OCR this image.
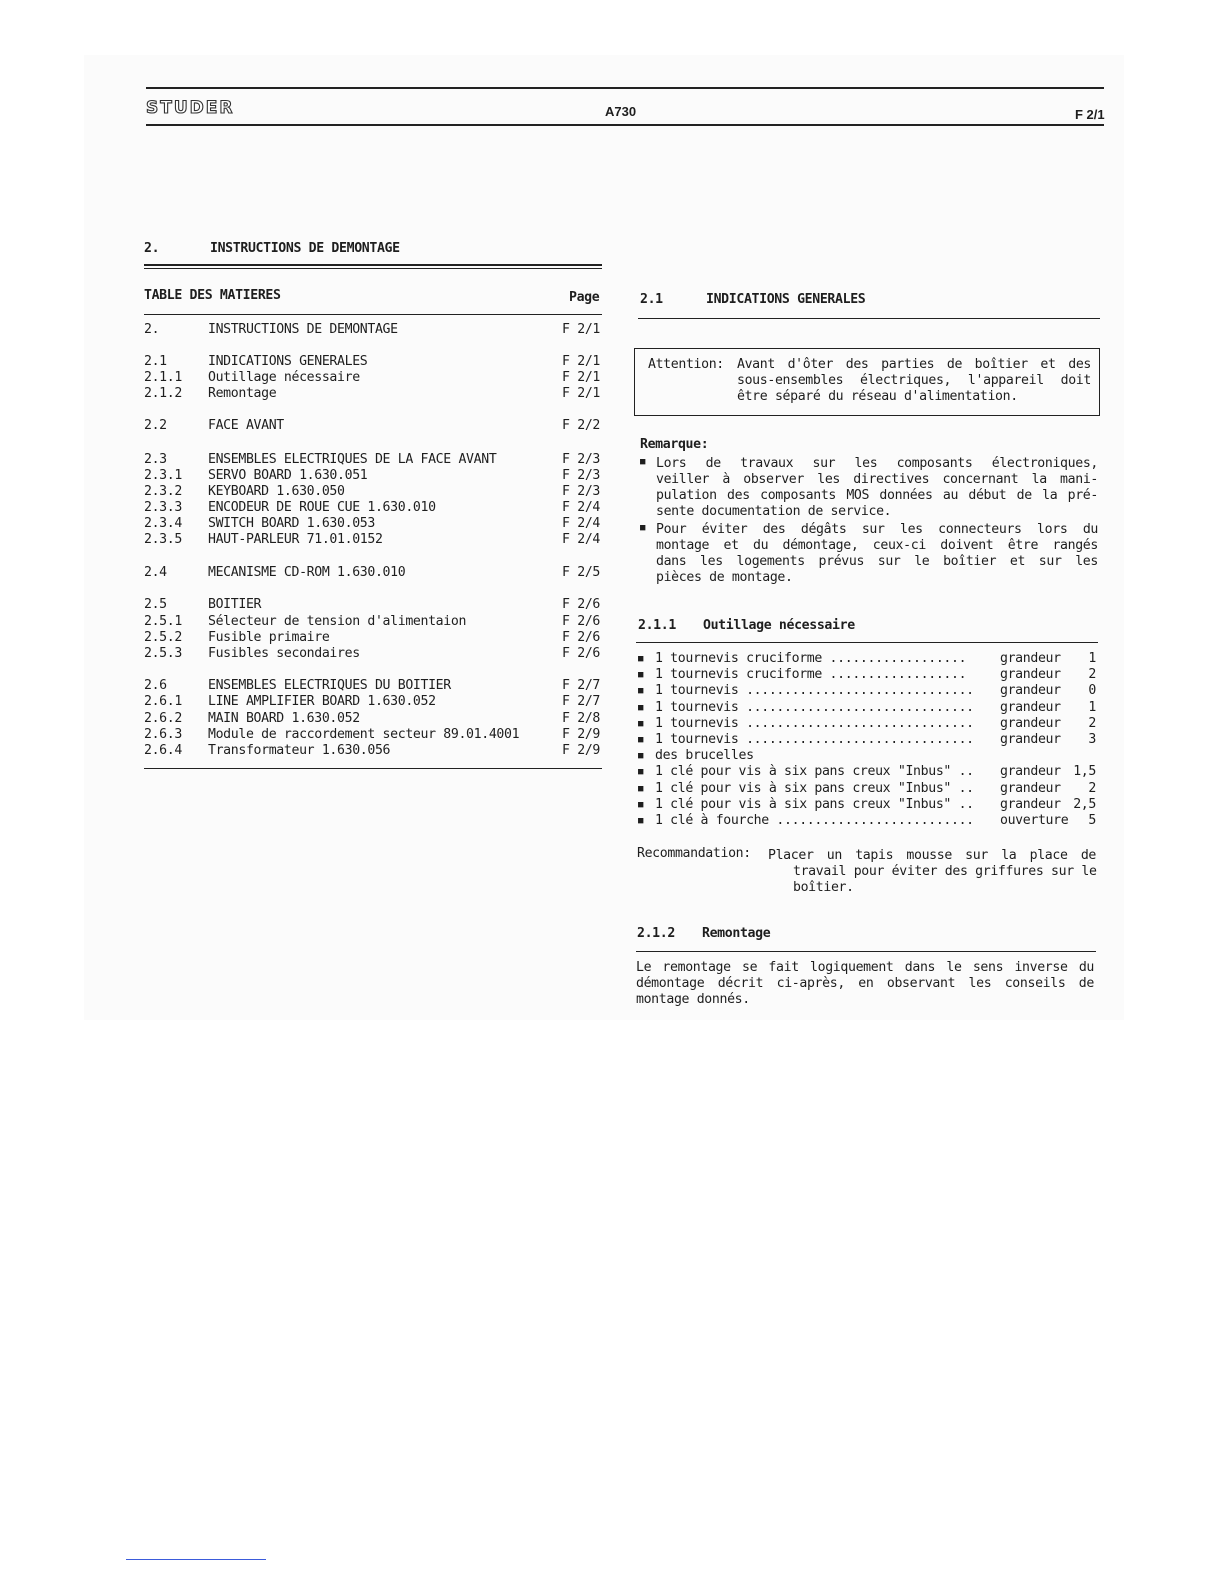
STUDER	A730	F 2/1
2.	INSTRUCTIONS DE DEMONTAGE
TABLE DES MATIERES	Page
2.	INSTRUCTIONS DE DEMONTAGE	F 2/1
2.1	INDICATIONS GENERALES	F 2/1
2.1.1 Outillage nécessaire	F 2/1
2.1.2 Remontage	F 2/1
2.2	FACE AVANT	F 2/2
2.3	ENSEMBLES ELECTRIQUES DE LA FACE AVANT	F 2/3
2.3.1 SERVO BOARD 1.630.051	F 2/3
2.3.2 KEYBOARD 1.630.050	F 2/3
2.3.3 ENCODEUR DE ROUE CUE 1.630.010	F 2/4
2.3.4 SWITCH BOARD 1.630.053	F 2/4
2.3.5 HAUT-PARLEUR 71.01.0152	F 2/4
2.4	MECANISME CD-ROM 1.630.010	F 2/5
2.5	BOITIER	F 2/6
2.5.1 Sélecteur de tension d'alimentaion	F 2/6
2.5.2 Fusible primaire	F 2/6
2.5.3 Fusibles secondaires	F 2/6
2.6	ENSEMBLES ELECTRIQUES DU BOITIER	F 2/7
2.6.1 LINE AMPLIFIER BOARD 1.630.052	F 2/7
2.6.2 MAIN BOARD 1.630.052	F 2/8
2.6.3 Module de raccordement secteur 89.01.4001	F 2/9
2.6.4 Transformateur 1.630.056	F 2/9
2.1	INDICATIONS GENERALES
Attention: Avant d'ôter des parties de boîtier et des
sous-ensembles électriques, l'appareil doit
être séparé du réseau d'alimentation.
Remarque:
■ Lors de travaux sur les composants électroniques,
veiller à observer les directives concernant la mani-
pulation des composants MOS données au début de la pré-
sente documentation de service.
■ Pour éviter des dégâts sur les connecteurs lors du
montage et du démontage, ceux-ci doivent être rangés
dans les logements prévus sur le boîtier et sur les
pièces de montage.
2.1.1 Outillage nécessaire
■ 1 tournevis cruciforme ..................	grandeur 1
■ 1 tournevis cruciforme ..................	grandeur 2
■ 1 tournevis .............................. grandeur 0
■ 1 tournevis .............................. grandeur 1
■ 1 tournevis .............................. grandeur 2
■ 1 tournevis .............................. grandeur 3
■ des brucelles
■ 1 clé pour vis à six pans creux "Inbus" .. grandeur 1,5
■ 1 clé pour vis à six pans creux "Inbus" .. grandeur 2
■ 1 clé pour vis à six pans creux "Inbus" .. grandeur 2,5
■ 1 clé à fourche .......................... ouverture 5
Recommandation: Placer un tapis mousse sur la place de
travail pour éviter des griffures sur le
boîtier.
2.1.2 Remontage
Le remontage se fait logiquement dans le sens inverse du
démontage décrit ci-après, en observant les conseils de
montage donnés.
